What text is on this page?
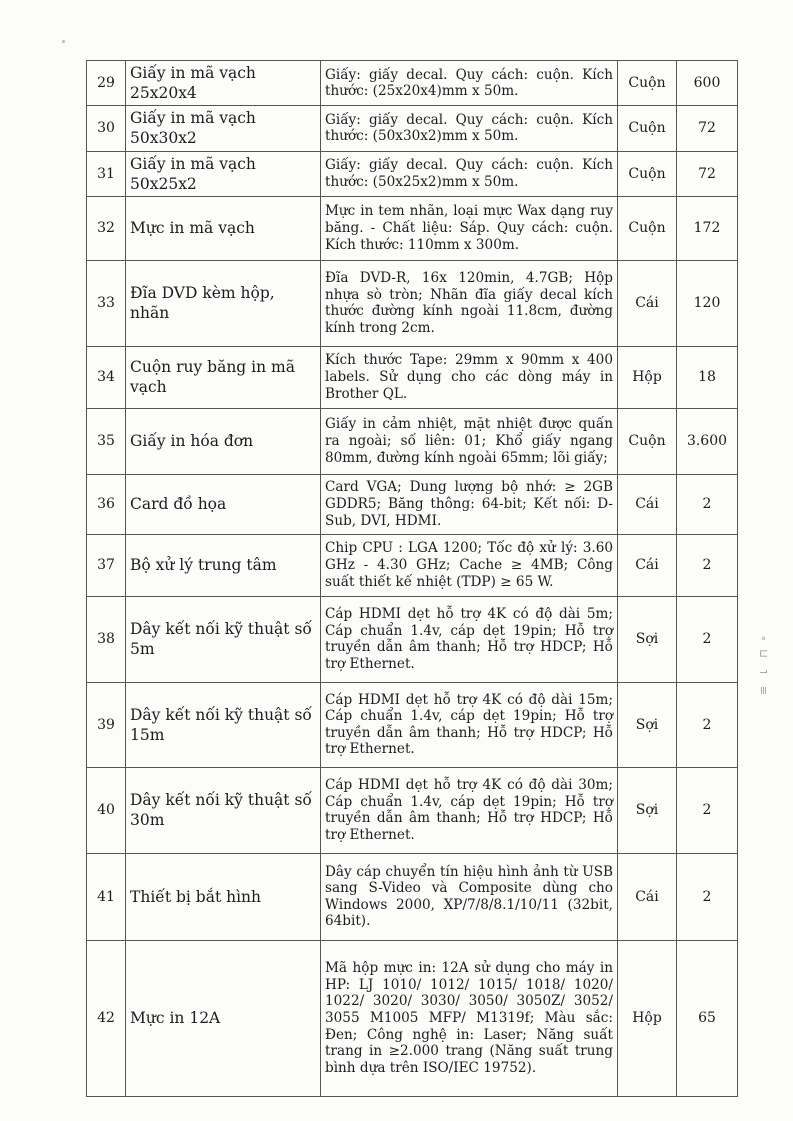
≡ ⌐ ⊓ ∘
29	Giấy in mã vạch 25x20x4	Giấy: giấy decal. Quy cách: cuộn. Kích thước: (25x20x4)mm x 50m.	Cuộn	600
30	Giấy in mã vạch 50x30x2	Giấy: giấy decal. Quy cách: cuộn. Kích thước: (50x30x2)mm x 50m.	Cuộn	72
31	Giấy in mã vạch 50x25x2	Giấy: giấy decal. Quy cách: cuộn. Kích thước: (50x25x2)mm x 50m.	Cuộn	72
32	Mực in mã vạch	Mực in tem nhãn, loại mực Wax dạng ruy băng. - Chất liệu: Sáp. Quy cách: cuộn. Kích thước: 110mm x 300m.	Cuộn	172
33	Đĩa DVD kèm hộp, nhãn	Đĩa DVD-R, 16x 120min, 4.7GB; Hộp nhựa sò tròn; Nhãn đĩa giấy decal kích thước đường kính ngoài 11.8cm, đường kính trong 2cm.	Cái	120
34	Cuộn ruy băng in mã vạch	Kích thước Tape: 29mm x 90mm x 400 labels. Sử dụng cho các dòng máy in Brother QL.	Hộp	18
35	Giấy in hóa đơn	Giấy in cảm nhiệt, mặt nhiệt được quấn ra ngoài; số liên: 01; Khổ giấy ngang 80mm, đường kính ngoài 65mm; lõi giấy;	Cuộn	3.600
36	Card đồ họa	Card VGA; Dung lượng bộ nhớ: ≥ 2GB GDDR5; Băng thông: 64-bit; Kết nối: D-Sub, DVI, HDMI.	Cái	2
37	Bộ xử lý trung tâm	Chip CPU : LGA 1200; Tốc độ xử lý: 3.60 GHz - 4.30 GHz; Cache ≥ 4MB; Công suất thiết kế nhiệt (TDP) ≥ 65 W.	Cái	2
38	Dây kết nối kỹ thuật số 5m	Cáp HDMI dẹt hỗ trợ 4K có độ dài 5m; Cáp chuẩn 1.4v, cáp dẹt 19pin; Hỗ trợ truyền dẫn âm thanh; Hỗ trợ HDCP; Hỗ trợ Ethernet.	Sợi	2
39	Dây kết nối kỹ thuật số 15m	Cáp HDMI dẹt hỗ trợ 4K có độ dài 15m; Cáp chuẩn 1.4v, cáp dẹt 19pin; Hỗ trợ truyền dẫn âm thanh; Hỗ trợ HDCP; Hỗ trợ Ethernet.	Sợi	2
40	Dây kết nối kỹ thuật số 30m	Cáp HDMI dẹt hỗ trợ 4K có độ dài 30m; Cáp chuẩn 1.4v, cáp dẹt 19pin; Hỗ trợ truyền dẫn âm thanh; Hỗ trợ HDCP; Hỗ trợ Ethernet.	Sợi	2
41	Thiết bị bắt hình	Dây cáp chuyển tín hiệu hình ảnh từ USB sang S-Video và Composite dùng cho Windows 2000, XP/7/8/8.1/10/11 (32bit, 64bit).	Cái	2
42	Mực in 12A	Mã hộp mực in: 12A sử dụng cho máy in HP: LJ 1010/ 1012/ 1015/ 1018/ 1020/ 1022/ 3020/ 3030/ 3050/ 3050Z/ 3052/ 3055 M1005 MFP/ M1319f; Màu sắc: Đen; Công nghệ in: Laser; Năng suất trang in ≥2.000 trang (Năng suất trung bình dựa trên ISO/IEC 19752).	Hộp	65
